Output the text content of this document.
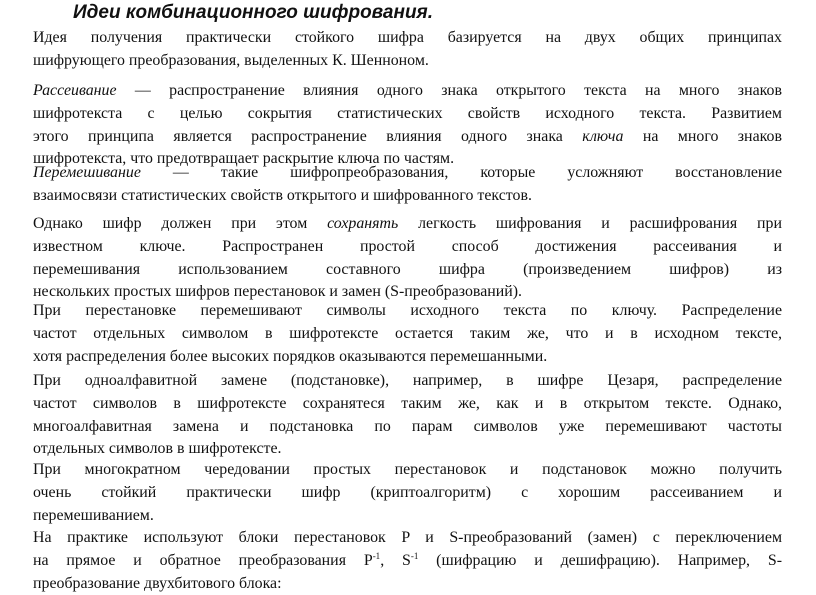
Идеи комбинационного шифрования.
Идея получения практически стойкого шифра базируется на двух общих принципах
шифрующего преобразования, выделенных К. Шенноном.
Рассеивание — распространение влияния одного знака открытого текста на много знаков
шифротекста с целью сокрытия статистических свойств исходного текста. Развитием
этого принципа является распространение влияния одного знака ключа на много знаков
шифротекста, что предотвращает раскрытие ключа по частям.
Перемешивание — такие шифропреобразования, которые усложняют восстановление
взаимосвязи статистических свойств открытого и шифрованного текстов.
Однако шифр должен при этом сохранять легкость шифрования и расшифрования при
известном ключе. Распространен простой способ достижения рассеивания и
перемешивания использованием составного шифра (произведением шифров) из
нескольких простых шифров перестановок и замен (S-преобразований).
При перестановке перемешивают символы исходного текста по ключу. Распределение
частот отдельных символом в шифротексте остается таким же, что и в исходном тексте,
хотя распределения более высоких порядков оказываются перемешанными.
При одноалфавитной замене (подстановке), например, в шифре Цезаря, распределение
частот символов в шифротексте сохранятеся таким же, как и в открытом тексте. Однако,
многоалфавитная замена и подстановка по парам символов уже перемешивают частоты
отдельных символов в шифротексте.
При многократном чередовании простых перестановок и подстановок можно получить
очень стойкий практически шифр (криптоалгоритм) с хорошим рассеиванием и
перемешиванием.
На практике используют блоки перестановок P и S-преобразований (замен) с переключением
на прямое и обратное преобразования $P^{-1}$, $S^{-1}$ (шифрацию и дешифрацию). Например, S-
преобразование двухбитового блока:
